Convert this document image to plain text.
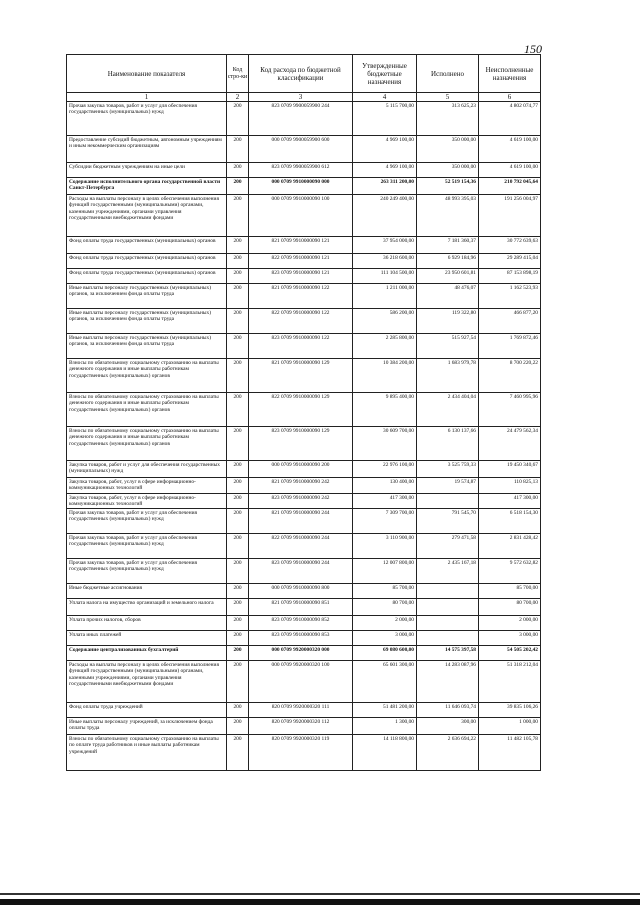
150
Наименование показателя	Код стро-ки	Код расхода по бюджетной классификации	Утвержденные бюджетные назначения	Исполнено	Неисполненные назначения
1	2	3	4	5	6
Прочая закупка товаров, работ и услуг для обеспечения государственных (муниципальных) нужд	200	823 0709 9900059900 244	5 115 700,00	313 625,23	4 802 074,77
Предоставление субсидий бюджетным, автономным учреждениям и иным некоммерческим организациям	200	000 0709 9900059900 600	4 969 100,00	350 000,00	4 619 100,00
Субсидии бюджетным учреждениям на иные цели	200	823 0709 9900059900 612	4 969 100,00	350 000,00	4 619 100,00
Содержание исполнительного органа государственной власти Санкт-Петербурга	200	000 0709 9910000090 000	263 311 200,00	52 519 154,36	210 792 045,64
Расходы на выплаты персоналу в целях обеспечения выполнения функций государственными (муниципальными) органами, казенными учреждениями, органами управления государственными внебюджетными фондами	200	000 0709 9910000090 100	240 249 400,00	48 993 395,03	191 256 004,97
Фонд оплаты труда государственных (муниципальных) органов	200	821 0709 9910000090 121	37 954 000,00	7 181 360,37	30 772 639,63
Фонд оплаты труда государственных (муниципальных) органов	200	822 0709 9910000090 121	36 218 600,00	6 929 184,96	29 289 415,04
Фонд оплаты труда государственных (муниципальных) органов	200	823 0709 9910000090 121	111 104 500,00	23 950 601,81	87 153 898,19
Иные выплаты персоналу государственных (муниципальных) органов, за исключением фонда оплаты труда	200	821 0709 9910000090 122	1 211 000,00	48 476,07	1 162 523,93
Иные выплаты персоналу государственных (муниципальных) органов, за исключением фонда оплаты труда	200	822 0709 9910000090 122	586 200,00	119 322,80	466 877,20
Иные выплаты персоналу государственных (муниципальных) органов, за исключением фонда оплаты труда	200	823 0709 9910000090 122	2 285 800,00	515 927,54	1 769 872,46
Взносы по обязательному социальному страхованию на выплаты денежного содержания и иные выплаты работникам государственных (муниципальных) органов	200	821 0709 9910000090 129	10 384 200,00	1 683 979,78	8 700 220,22
Взносы по обязательному социальному страхованию на выплаты денежного содержания и иные выплаты работникам государственных (муниципальных) органов	200	822 0709 9910000090 129	9 895 400,00	2 434 404,04	7 460 995,96
Взносы по обязательному социальному страхованию на выплаты денежного содержания и иные выплаты работникам государственных (муниципальных) органов	200	823 0709 9910000090 129	30 609 700,00	6 130 137,66	24 479 562,34
Закупка товаров, работ и услуг для обеспечения государственных (муниципальных) нужд	200	000 0709 9910000090 200	22 976 100,00	3 525 759,33	19 450 340,67
Закупка товаров, работ, услуг в сфере информационно-коммуникационных технологий	200	821 0709 9910000090 242	130 400,00	19 574,87	110 825,13
Закупка товаров, работ, услуг в сфере информационно-коммуникационных технологий	200	823 0709 9910000090 242	417 300,00		417 300,00
Прочая закупка товаров, работ и услуг для обеспечения государственных (муниципальных) нужд	200	821 0709 9910000090 244	7 309 700,00	791 545,70	6 518 154,30
Прочая закупка товаров, работ и услуг для обеспечения государственных (муниципальных) нужд	200	822 0709 9910000090 244	3 110 900,00	279 471,58	2 831 428,42
Прочая закупка товаров, работ и услуг для обеспечения государственных (муниципальных) нужд	200	823 0709 9910000090 244	12 007 800,00	2 435 167,18	9 572 632,82
Иные бюджетные ассигнования	200	000 0709 9910000090 800	85 700,00		85 700,00
Уплата налога на имущество организаций и земельного налога	200	821 0709 9910000090 851	80 700,00		80 700,00
Уплата прочих налогов, сборов	200	823 0709 9910000090 852	2 000,00		2 000,00
Уплата иных платежей	200	823 0709 9910000090 853	3 000,00		3 000,00
Содержание централизованных бухгалтерий	200	000 0709 9920000320 000	69 080 600,00	14 575 397,58	54 505 202,42
Расходы на выплаты персоналу в целях обеспечения выполнения функций государственными (муниципальными) органами, казенными учреждениями, органами управления государственными внебюджетными фондами	200	000 0709 9920000320 100	65 601 300,00	14 283 087,96	51 318 212,04
Фонд оплаты труда учреждений	200	820 0709 9920000320 111	51 481 200,00	11 646 093,74	39 835 106,26
Иные выплаты персоналу учреждений, за исключением фонда оплаты труда	200	820 0709 9920000320 112	1 300,00	300,00	1 000,00
Взносы по обязательному социальному страхованию на выплаты по оплате труда работников и иные выплаты работникам учреждений	200	820 0709 9920000320 119	14 118 800,00	2 636 694,22	11 482 105,78
